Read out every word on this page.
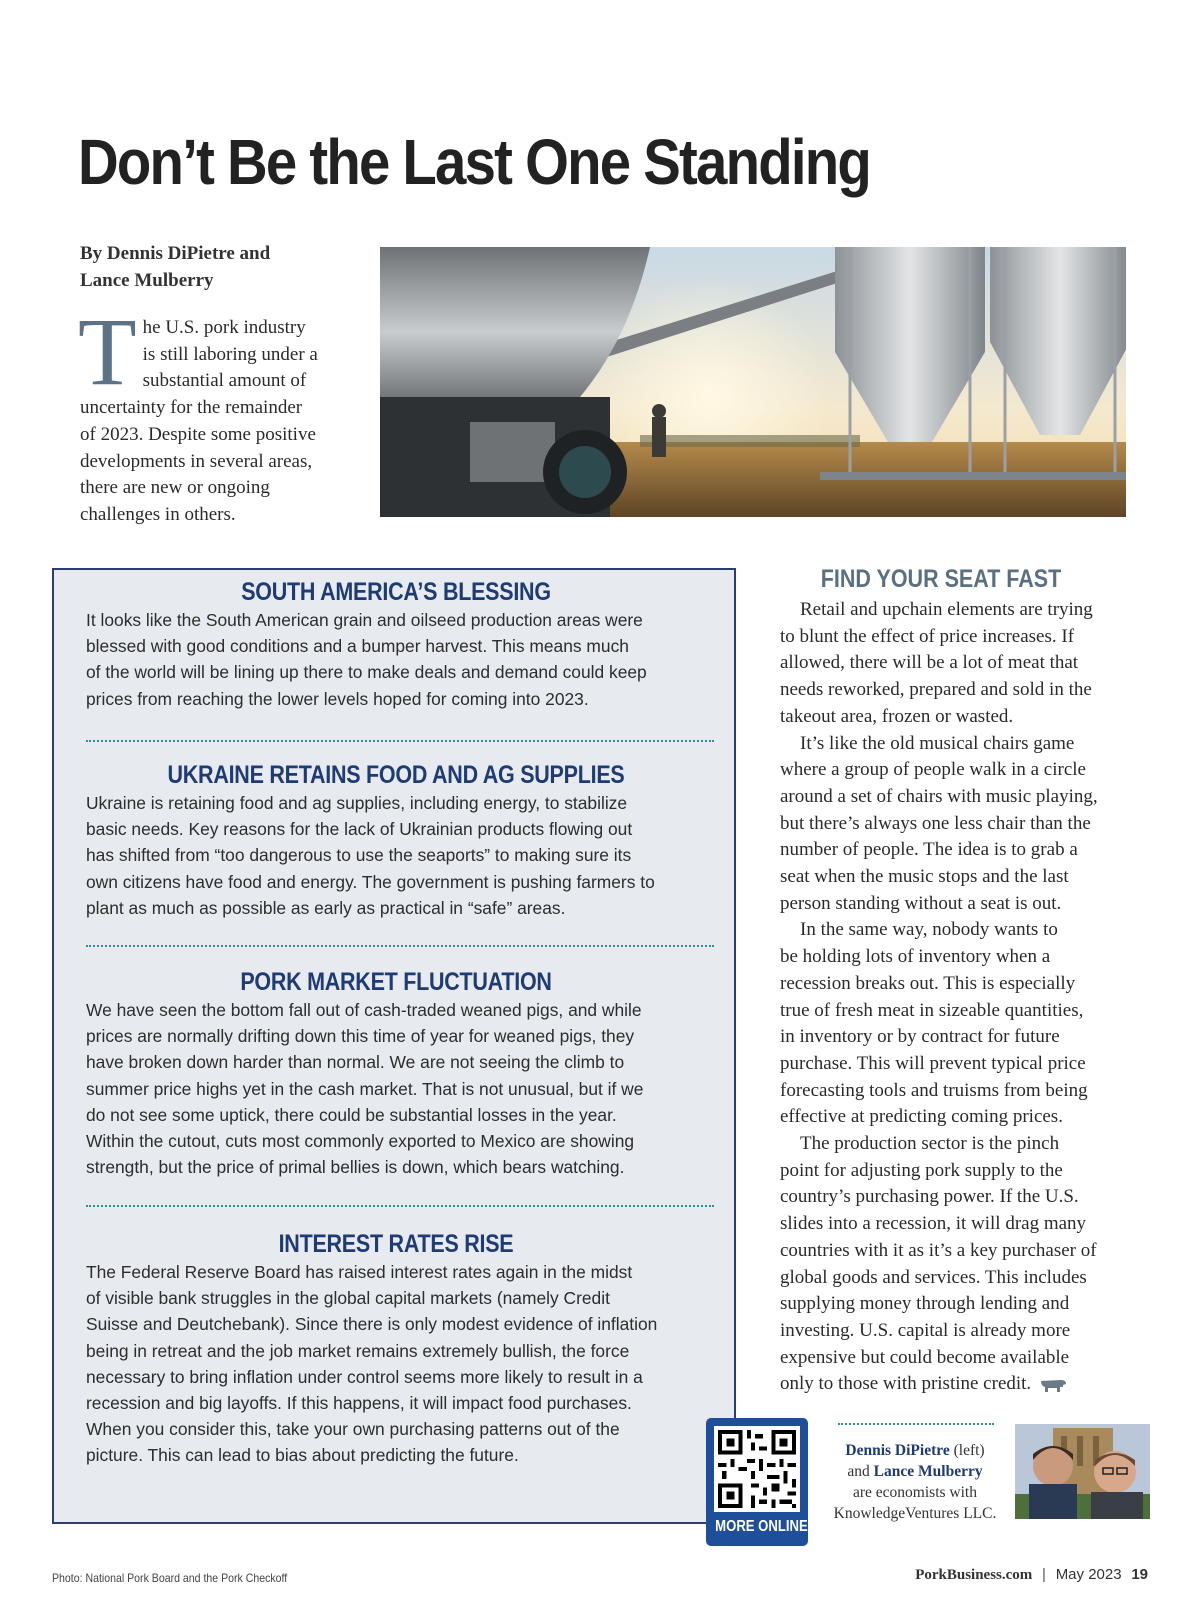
Don’t Be the Last One Standing
By Dennis DiPietre and
Lance Mulberry
T he U.S. pork industry
is still laboring under a
substantial amount of
uncertainty for the remainder
of 2023. Despite some positive
developments in several areas,
there are new or ongoing
challenges in others.
SOUTH AMERICA’S BLESSING

It looks like the South American grain and oilseed production areas were
blessed with good conditions and a bumper harvest. This means much
of the world will be lining up there to make deals and demand could keep
prices from reaching the lower levels hoped for coming into 2023.

UKRAINE RETAINS FOOD AND AG SUPPLIES

Ukraine is retaining food and ag supplies, including energy, to stabilize
basic needs. Key reasons for the lack of Ukrainian products flowing out
has shifted from “too dangerous to use the seaports” to making sure its
own citizens have food and energy. The government is pushing farmers to
plant as much as possible as early as practical in “safe” areas.

PORK MARKET FLUCTUATION

We have seen the bottom fall out of cash-traded weaned pigs, and while
prices are normally drifting down this time of year for weaned pigs, they
have broken down harder than normal. We are not seeing the climb to
summer price highs yet in the cash market. That is not unusual, but if we
do not see some uptick, there could be substantial losses in the year.
Within the cutout, cuts most commonly exported to Mexico are showing
strength, but the price of primal bellies is down, which bears watching.

INTEREST RATES RISE

The Federal Reserve Board has raised interest rates again in the midst
of visible bank struggles in the global capital markets (namely Credit
Suisse and Deutchebank). Since there is only modest evidence of inflation
being in retreat and the job market remains extremely bullish, the force
necessary to bring inflation under control seems more likely to result in a
recession and big layoffs. If this happens, it will impact food purchases.
When you consider this, take your own purchasing patterns out of the
picture. This can lead to bias about predicting the future.

FIND YOUR SEAT FAST
Retail and upchain elements are trying
to blunt the effect of price increases. If
allowed, there will be a lot of meat that
needs reworked, prepared and sold in the
takeout area, frozen or wasted.
It’s like the old musical chairs game
where a group of people walk in a circle
around a set of chairs with music playing,
but there’s always one less chair than the
number of people. The idea is to grab a
seat when the music stops and the last
person standing without a seat is out.
In the same way, nobody wants to
be holding lots of inventory when a
recession breaks out. This is especially
true of fresh meat in sizeable quantities,
in inventory or by contract for future
purchase. This will prevent typical price
forecasting tools and truisms from being
effective at predicting coming prices.
The production sector is the pinch
point for adjusting pork supply to the
country’s purchasing power. If the U.S.
slides into a recession, it will drag many
countries with it as it’s a key purchaser of
global goods and services. This includes
supplying money through lending and
investing. U.S. capital is already more
expensive but could become available
only to those with pristine credit.
MORE ONLINE
Dennis DiPietre (left)
and Lance Mulberry
are economists with
KnowledgeVentures LLC.
Photo: National Pork Board and the Pork Checkoff	PorkBusiness.com | May 2023 19
